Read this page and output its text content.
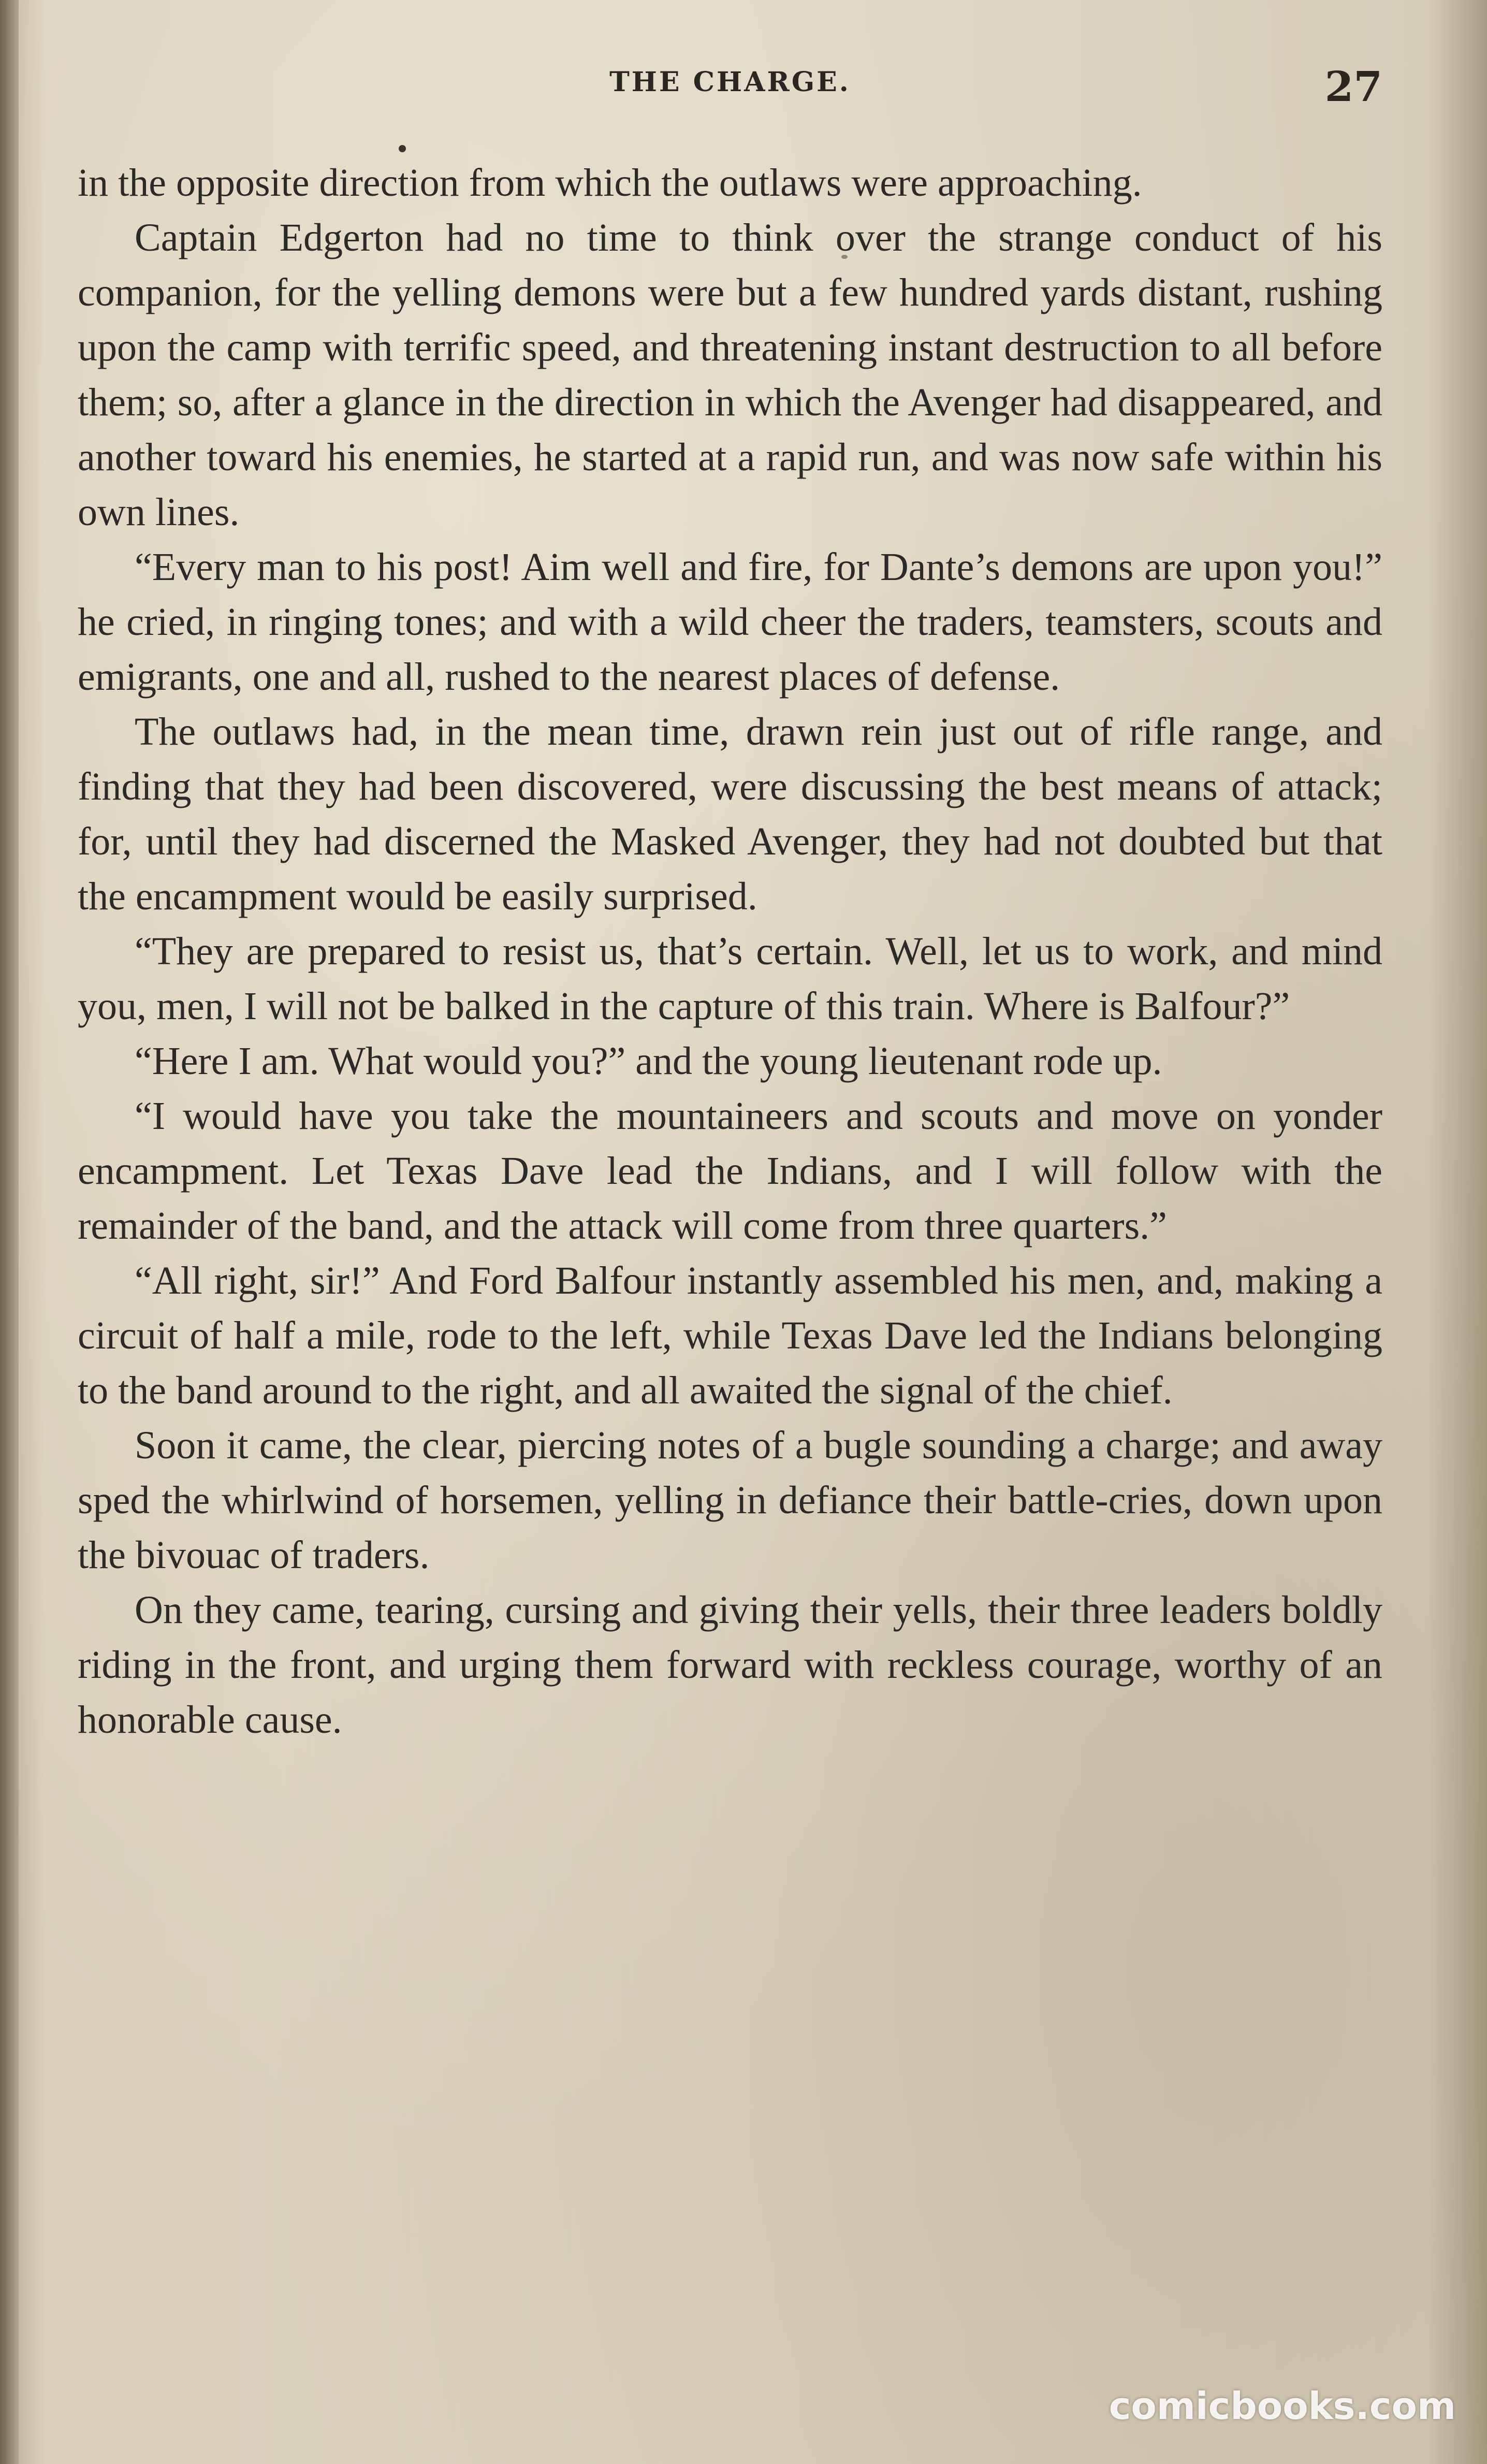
THE CHARGE.	27

in the opposite direction from which the outlaws were approaching.

Captain Edgerton had no time to think over the strange conduct of his companion, for the yelling demons were but a few hundred yards distant, rushing upon the camp with terrific speed, and threatening instant destruction to all before them; so, after a glance in the direction in which the Avenger had disappeared, and another toward his enemies, he started at a rapid run, and was now safe within his own lines.

“Every man to his post! Aim well and fire, for Dante’s demons are upon you!” he cried, in ringing tones; and with a wild cheer the traders, teamsters, scouts and emigrants, one and all, rushed to the nearest places of defense.

The outlaws had, in the mean time, drawn rein just out of rifle range, and finding that they had been discovered, were discussing the best means of attack; for, until they had discerned the Masked Avenger, they had not doubted but that the encampment would be easily surprised.

“They are prepared to resist us, that’s certain. Well, let us to work, and mind you, men, I will not be balked in the capture of this train. Where is Balfour?”

“Here I am. What would you?” and the young lieutenant rode up.

“I would have you take the mountaineers and scouts and move on yonder encampment. Let Texas Dave lead the Indians, and I will follow with the remainder of the band, and the attack will come from three quarters.”

“All right, sir!” And Ford Balfour instantly assembled his men, and, making a circuit of half a mile, rode to the left, while Texas Dave led the Indians belonging to the band around to the right, and all awaited the signal of the chief.

Soon it came, the clear, piercing notes of a bugle sounding a charge; and away sped the whirlwind of horsemen, yelling in defiance their battle-cries, down upon the bivouac of traders.

On they came, tearing, cursing and giving their yells, their three leaders boldly riding in the front, and urging them forward with reckless courage, worthy of an honorable cause.

comicbooks.com
